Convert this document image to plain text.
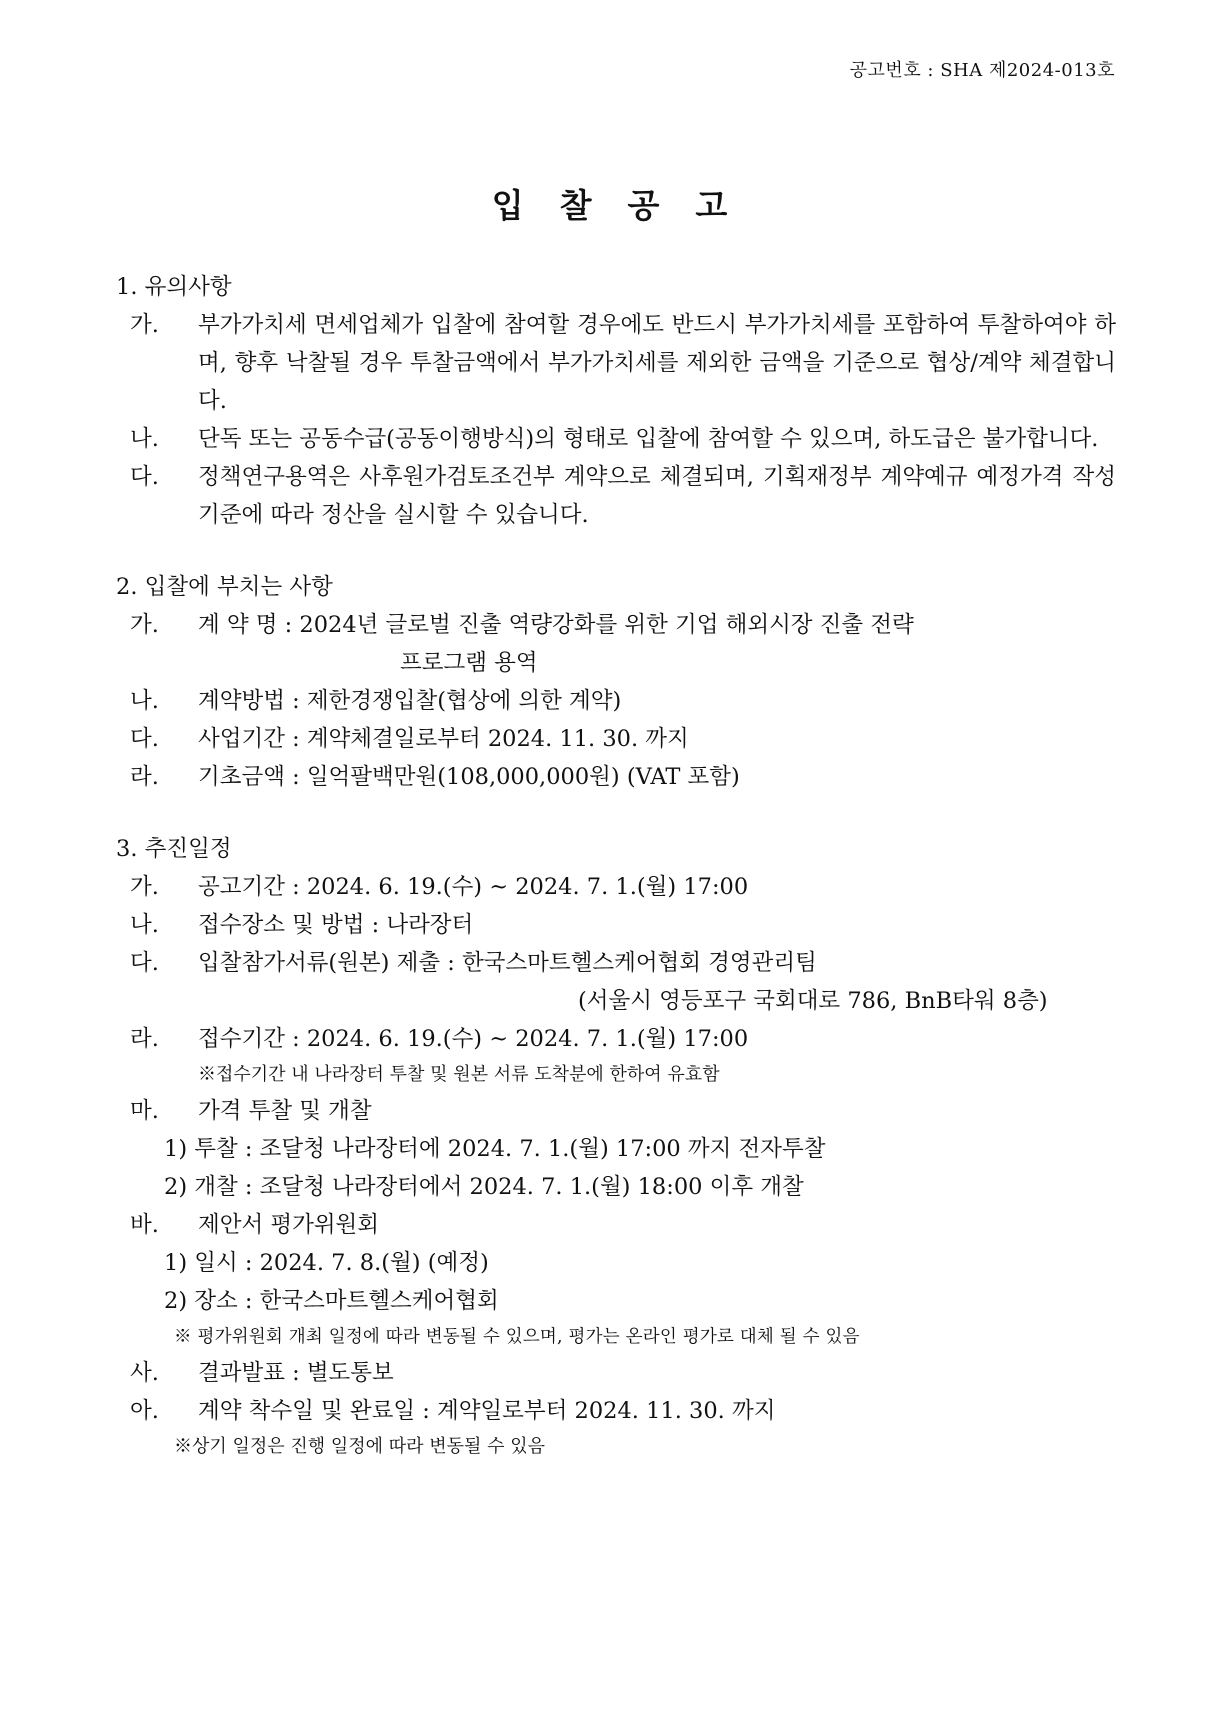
공고번호 : SHA 제2024-013호
입 찰 공 고
1. 유의사항
가. 부가가치세 면세업체가 입찰에 참여할 경우에도 반드시 부가가치세를 포함하여 투찰하여야 하며, 향후 낙찰될 경우 투찰금액에서 부가가치세를 제외한 금액을 기준으로 협상/계약 체결합니다.
나. 단독 또는 공동수급(공동이행방식)의 형태로 입찰에 참여할 수 있으며, 하도급은 불가합니다.
다. 정책연구용역은 사후원가검토조건부 계약으로 체결되며, 기획재정부 계약예규 예정가격 작성 기준에 따라 정산을 실시할 수 있습니다.
2. 입찰에 부치는 사항
가. 계 약 명 : 2024년 글로벌 진출 역량강화를 위한 기업 해외시장 진출 전략
프로그램 용역
나. 계약방법 : 제한경쟁입찰(협상에 의한 계약)
다. 사업기간 : 계약체결일로부터 2024. 11. 30. 까지
라. 기초금액 : 일억팔백만원(108,000,000원) (VAT 포함)
3. 추진일정
가. 공고기간 : 2024. 6. 19.(수) ~ 2024. 7. 1.(월) 17:00
나. 접수장소 및 방법 : 나라장터
다. 입찰참가서류(원본) 제출 : 한국스마트헬스케어협회 경영관리팀
(서울시 영등포구 국회대로 786, BnB타워 8층)
라. 접수기간 : 2024. 6. 19.(수) ~ 2024. 7. 1.(월) 17:00
※접수기간 내 나라장터 투찰 및 원본 서류 도착분에 한하여 유효함
마. 가격 투찰 및 개찰
1) 투찰 : 조달청 나라장터에 2024. 7. 1.(월) 17:00 까지 전자투찰
2) 개찰 : 조달청 나라장터에서 2024. 7. 1.(월) 18:00 이후 개찰
바. 제안서 평가위원회
1) 일시 : 2024. 7. 8.(월) (예정)
2) 장소 : 한국스마트헬스케어협회
※ 평가위원회 개최 일정에 따라 변동될 수 있으며, 평가는 온라인 평가로 대체 될 수 있음
사. 결과발표 : 별도통보
아. 계약 착수일 및 완료일 : 계약일로부터 2024. 11. 30. 까지
※상기 일정은 진행 일정에 따라 변동될 수 있음
